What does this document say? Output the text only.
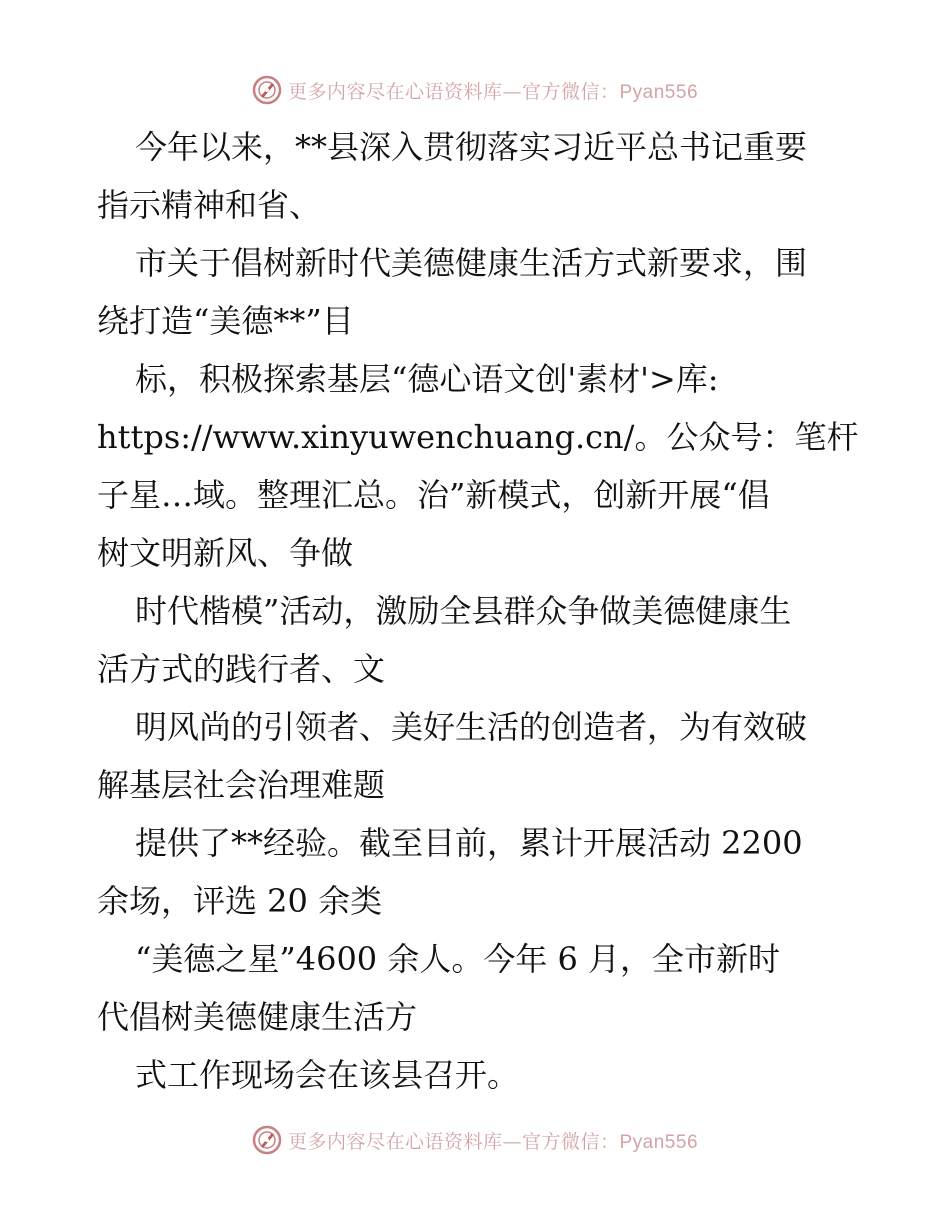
更多内容尽在心语资料库—官方微信：Pyan556
今年以来，**县深入贯彻落实习近平总书记重要
指示精神和省、
市关于倡树新时代美德健康生活方式新要求，围
绕打造“美德**”目
标，积极探索基层“德心语文创'素材'>库:
https://www.xinyuwenchuang.cn/。公众号：笔杆
子星…域。整理汇总。治”新模式，创新开展“倡
树文明新风、争做
时代楷模”活动，激励全县群众争做美德健康生
活方式的践行者、文
明风尚的引领者、美好生活的创造者，为有效破
解基层社会治理难题
提供了**经验。截至目前，累计开展活动 2200
余场，评选 20 余类
“美德之星”4600 余人。今年 6 月，全市新时
代倡树美德健康生活方
式工作现场会在该县召开。
更多内容尽在心语资料库—官方微信：Pyan556
